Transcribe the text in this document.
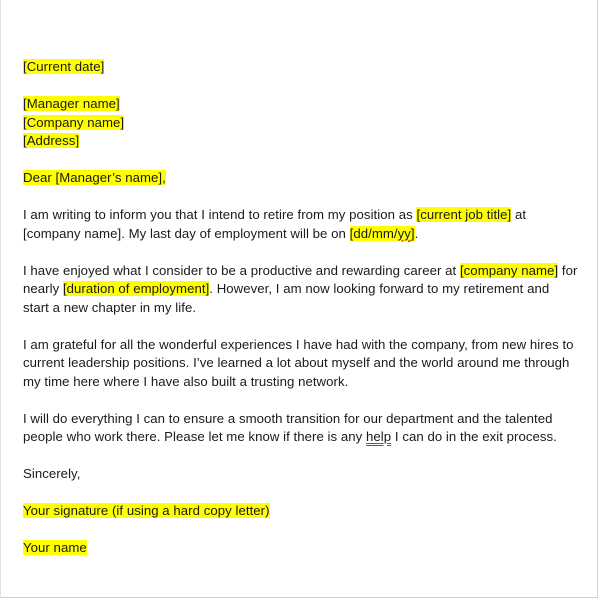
[Current date]
[Manager name]
[Company name]
[Address]
Dear [Manager’s name],
I am writing to inform you that I intend to retire from my position as [current job title] at
[company name]. My last day of employment will be on [dd/mm/yy].
I have enjoyed what I consider to be a productive and rewarding career at [company name] for
nearly [duration of employment]. However, I am now looking forward to my retirement and
start a new chapter in my life.
I am grateful for all the wonderful experiences I have had with the company, from new hires to
current leadership positions. I’ve learned a lot about myself and the world around me through
my time here where I have also built a trusting network.
I will do everything I can to ensure a smooth transition for our department and the talented
people who work there. Please let me know if there is any help I can do in the exit process.
Sincerely,
Your signature (if using a hard copy letter)
Your name
